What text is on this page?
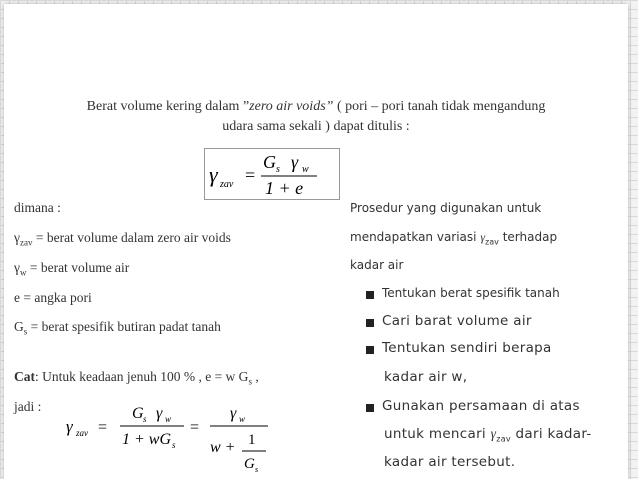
Berat volume kering dalam ”zero air voids” ( pori – pori tanah tidak mengandung
udara sama sekali ) dapat ditulis :
γ zav =
G s γ w
1 + e
dimana :
$\gamma_{zav}$ = berat volume dalam zero air voids
$\gamma_w$ = berat volume air
e = angka pori
$G_s$ = berat spesifik butiran padat tanah
Cat: Untuk keadaan jenuh 100 % , e = w $G_s$ ,
jadi :
γ zav =
G s γ w
1 + wG s
=
γ w
w + 1
G s
Prosedur yang digunakan untuk
mendapatkan variasi $\gamma_{zav}$ terhadap
kadar air
Tentukan berat spesifik tanah
Cari barat volume air
Tentukan sendiri berapa
kadar air w,
Gunakan persamaan di atas
untuk mencari $\gamma_{zav}$ dari kadar-
kadar air tersebut.
